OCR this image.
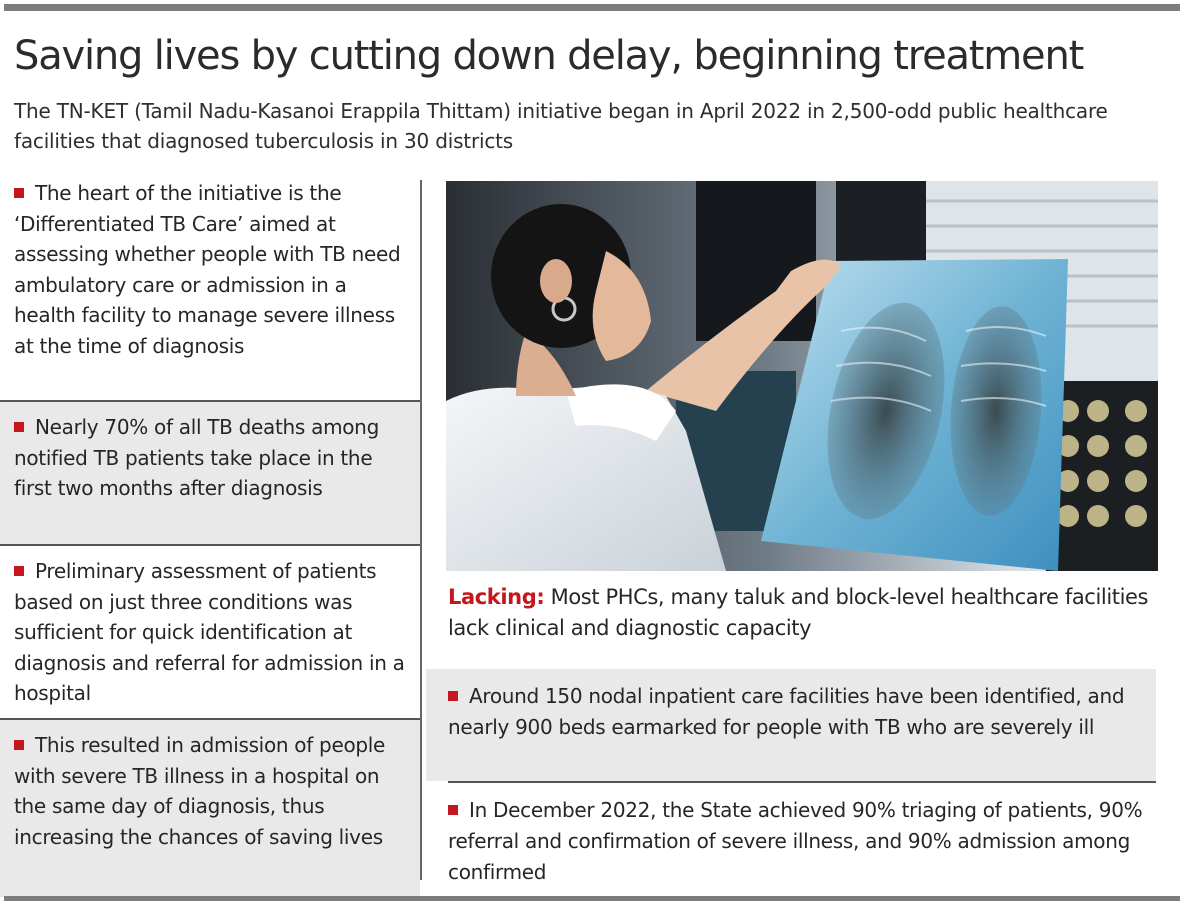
Saving lives by cutting down delay, beginning treatment

The TN-KET (Tamil Nadu-Kasanoi Erappila Thittam) initiative began in April 2022 in 2,500-odd public healthcare facilities that diagnosed tuberculosis in 30 districts

The heart of the initiative is the ‘Differentiated TB Care’ aimed at assessing whether people with TB need ambulatory care or admission in a health facility to manage severe illness at the time of diagnosis
Nearly 70% of all TB deaths among notified TB patients take place in the first two months after diagnosis
Preliminary assessment of patients based on just three conditions was sufficient for quick identification at diagnosis and referral for admission in a hospital
This resulted in admission of people with severe TB illness in a hospital on the same day of diagnosis, thus increasing the chances of saving lives

Lacking: Most PHCs, many taluk and block-level healthcare facilities lack clinical and diagnostic capacity

Around 150 nodal inpatient care facilities have been identified, and nearly 900 beds earmarked for people with TB who are severely ill
In December 2022, the State achieved 90% triaging of patients, 90% referral and confirmation of severe illness, and 90% admission among confirmed
